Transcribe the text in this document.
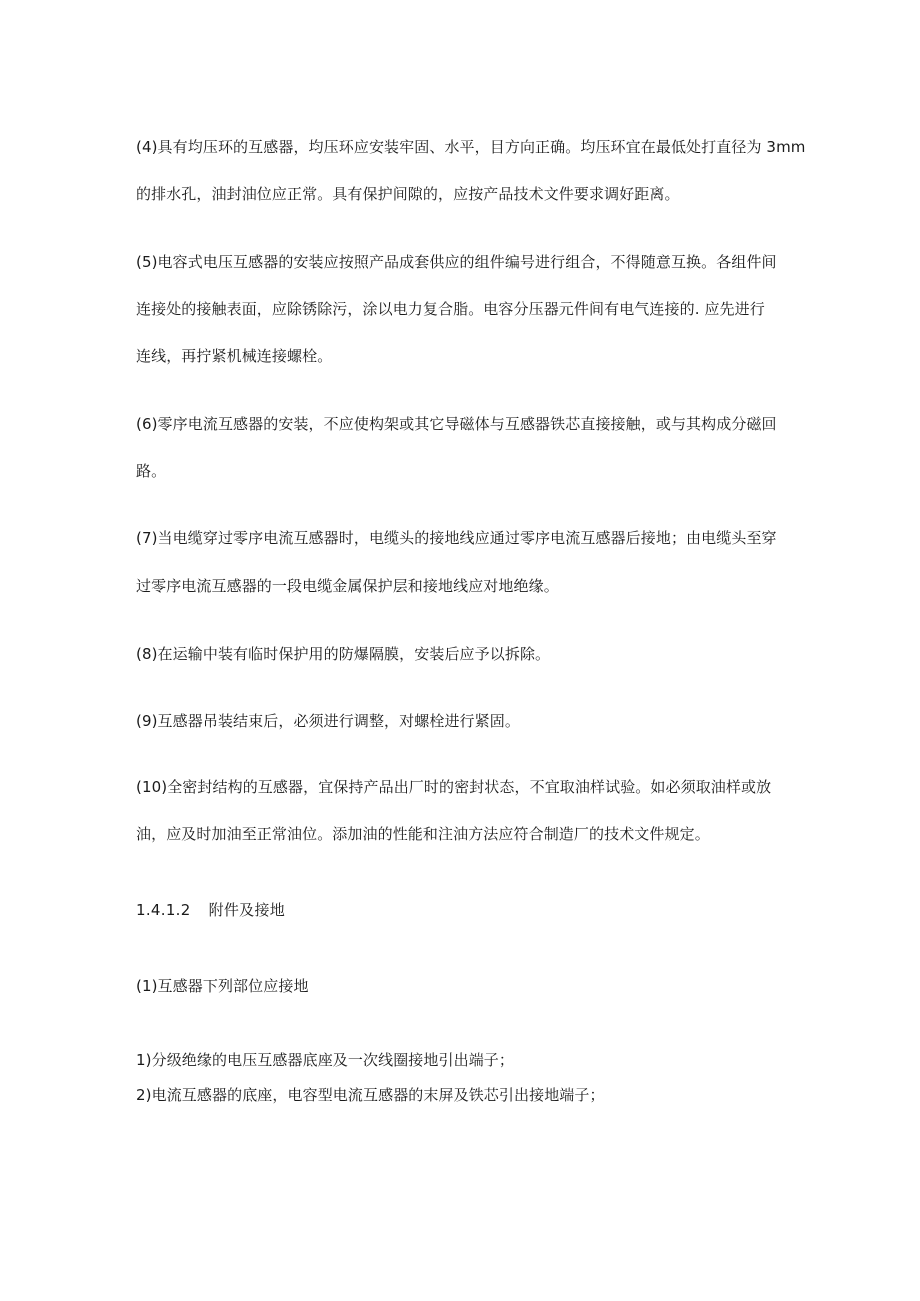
(4)具有均压环的互感器，均压环应安装牢固、水平，目方向正确。均压环宜在最低处打直径为 3mm

的排水孔，油封油位应正常。具有保护间隙的，应按产品技术文件要求调好距离。

(5)电容式电压互感器的安装应按照产品成套供应的组件编号进行组合，不得随意互换。各组件间

连接处的接触表面，应除锈除污，涂以电力复合脂。电容分压器元件间有电气连接的. 应先进行

连线，再拧紧机械连接螺栓。

(6)零序电流互感器的安装，不应使构架或其它导磁体与互感器铁芯直接接触，或与其构成分磁回

路。

(7)当电缆穿过零序电流互感器时，电缆头的接地线应通过零序电流互感器后接地；由电缆头至穿

过零序电流互感器的一段电缆金属保护层和接地线应对地绝缘。

(8)在运输中装有临时保护用的防爆隔膜，安装后应予以拆除。

(9)互感器吊装结束后，必须进行调整，对螺栓进行紧固。

(10)全密封结构的互感器，宜保持产品出厂时的密封状态，不宜取油样试验。如必须取油样或放

油，应及时加油至正常油位。添加油的性能和注油方法应符合制造厂的技术文件规定。

1.4.1.2 附件及接地

(1)互感器下列部位应接地

1)分级绝缘的电压互感器底座及一次线圈接地引出端子；

2)电流互感器的底座，电容型电流互感器的末屏及铁芯引出接地端子；
